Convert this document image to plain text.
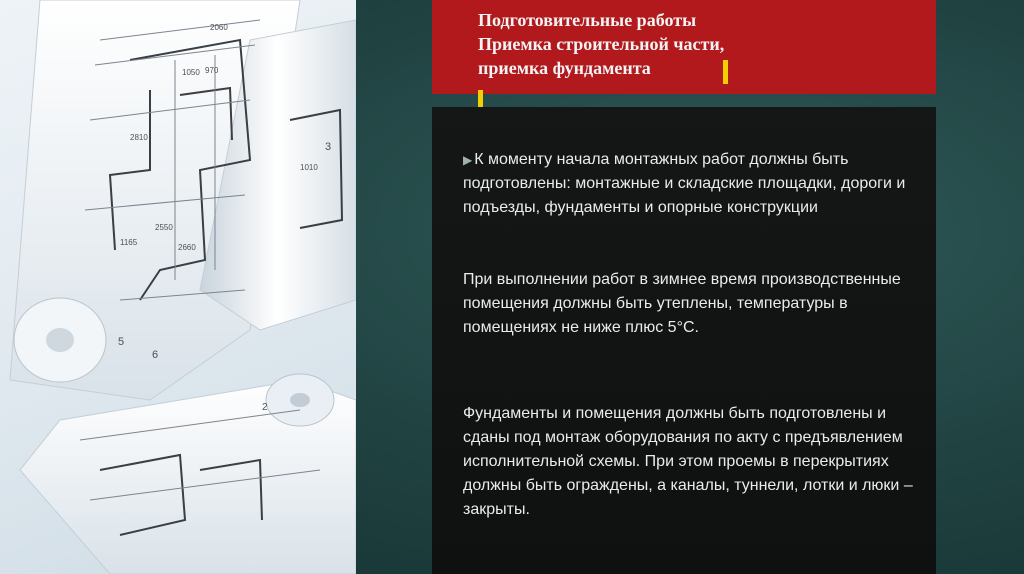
1050 970
2810
2060
2660
1165
1010
2550
5
6
3
2
Подготовительные работы
Приемка строительной части,
приемка фундамента

▶ К моменту начала монтажных работ должны быть подготовлены: монтажные и складские площадки, дороги и подъезды, фундаменты и опорные конструкции

При выполнении работ в зимнее время производственные помещения должны быть утеплены, температуры в помещениях не ниже плюс 5°С.

Фундаменты и помещения должны быть подготовлены и сданы под монтаж оборудования по акту с предъявлением исполнительной схемы. При этом проемы в перекрытиях должны быть ограждены, а каналы, туннели, лотки и люки – закрыты.
